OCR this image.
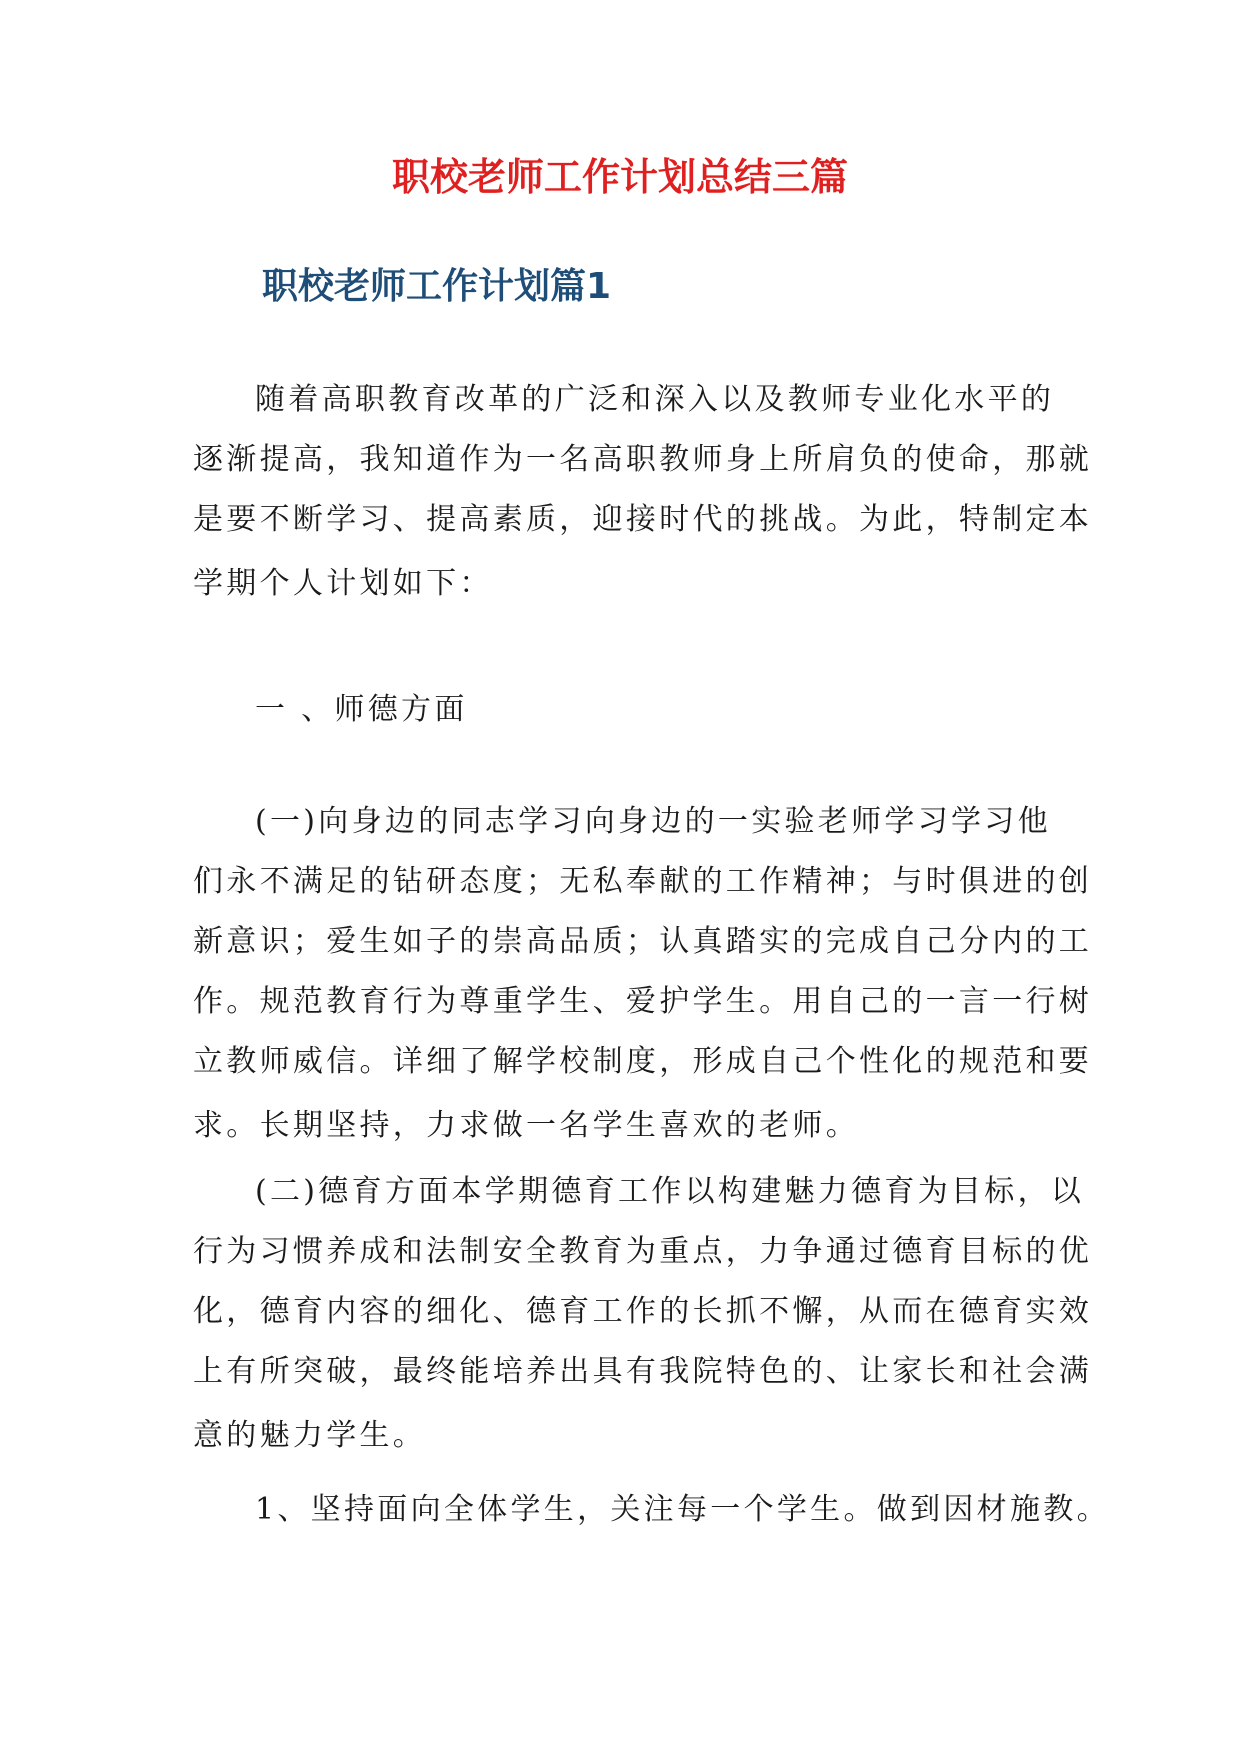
职校老师工作计划总结三篇
职校老师工作计划篇1

随着高职教育改革的广泛和深入以及教师专业化水平的
逐渐提高，我知道作为一名高职教师身上所肩负的使命，那就
是要不断学习、提高素质，迎接时代的挑战。为此，特制定本
学期个人计划如下：

一 、师德方面

(一)向身边的同志学习向身边的一实验老师学习学习他
们永不满足的钻研态度；无私奉献的工作精神；与时俱进的创
新意识；爱生如子的崇高品质；认真踏实的完成自己分内的工
作。规范教育行为尊重学生、爱护学生。用自己的一言一行树
立教师威信。详细了解学校制度，形成自己个性化的规范和要
求。长期坚持，力求做一名学生喜欢的老师。

(二)德育方面本学期德育工作以构建魅力德育为目标，以
行为习惯养成和法制安全教育为重点，力争通过德育目标的优
化，德育内容的细化、德育工作的长抓不懈，从而在德育实效
上有所突破，最终能培养出具有我院特色的、让家长和社会满
意的魅力学生。

1、坚持面向全体学生，关注每一个学生。做到因材施教。
